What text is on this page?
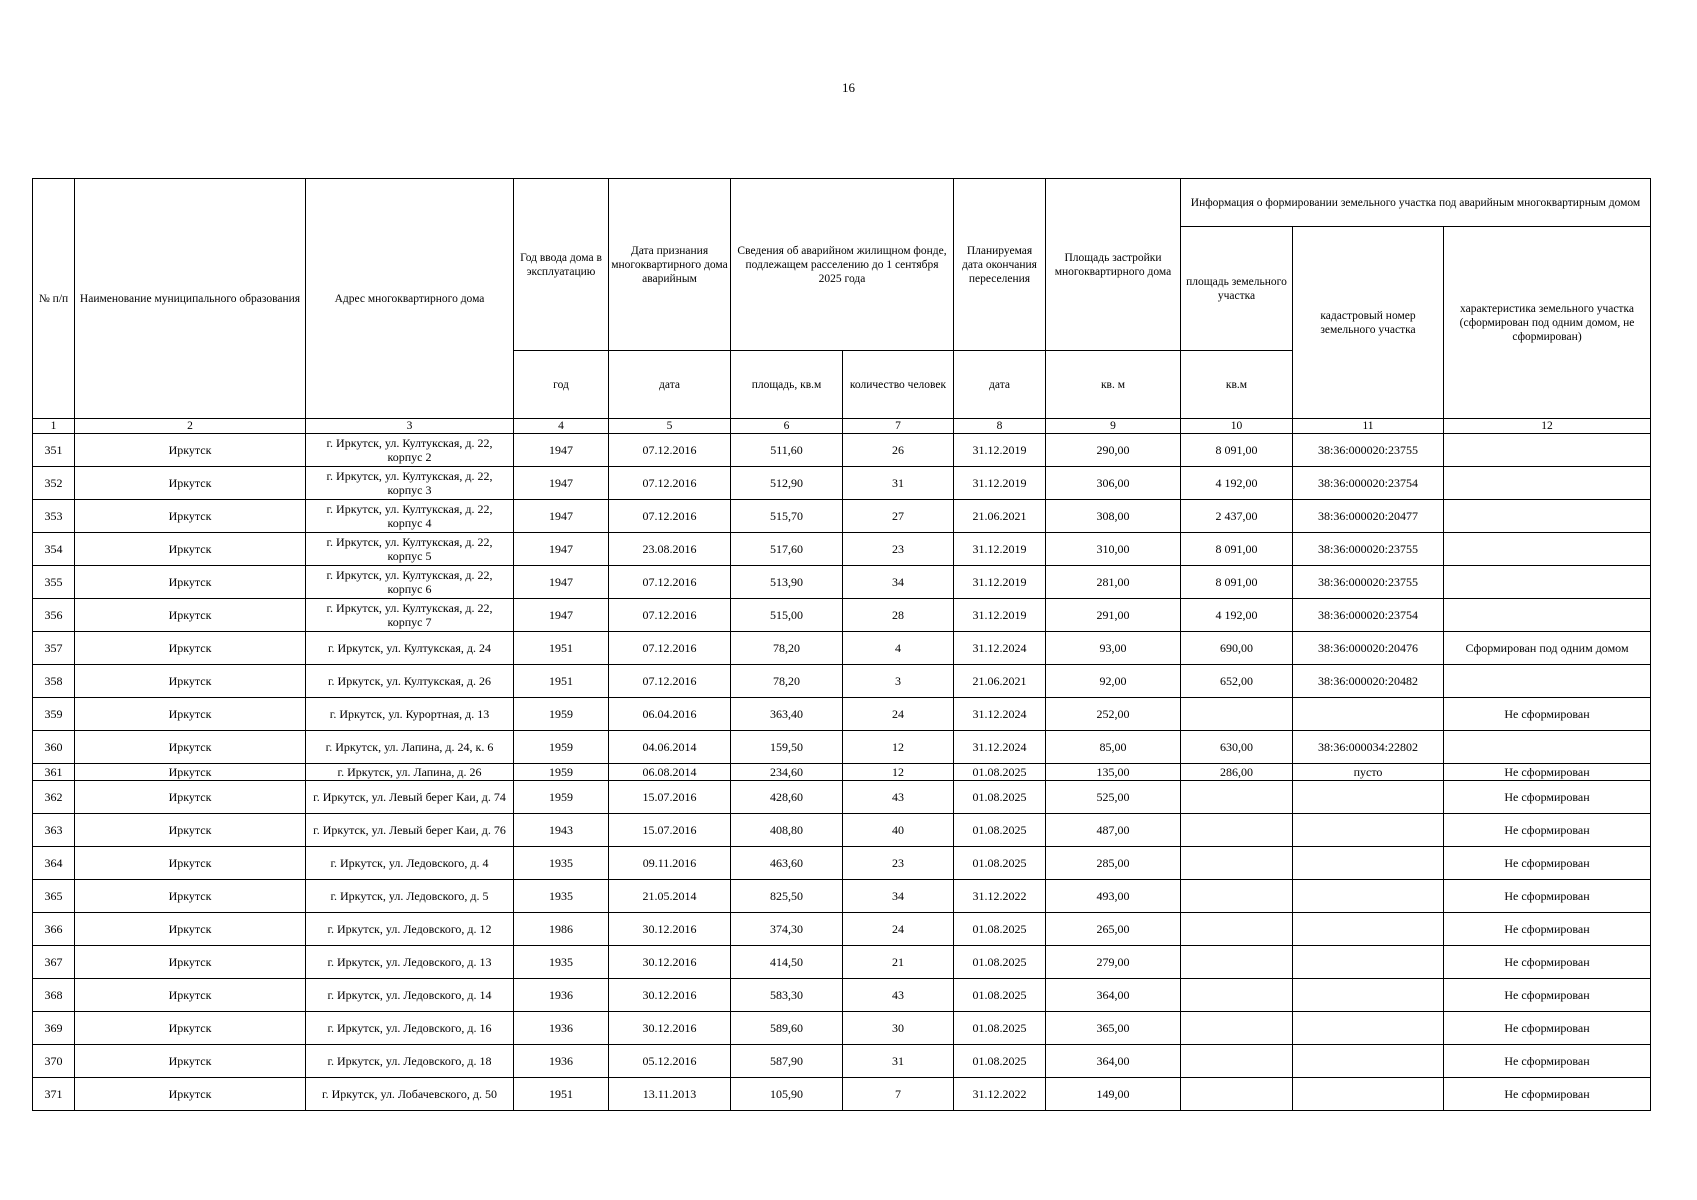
16
№ п/п	Наименование муниципального образования	Адрес многоквартирного дома	Год ввода дома в эксплуатацию	Дата признания многоквартирного дома аварийным	Сведения об аварийном жилищном фонде, подлежащем расселению до 1 сентября 2025 года		Планируемая дата окончания переселения	Площадь застройки многоквартирного дома	Информация о формировании земельного участка под аварийным многоквартирным домом		
									площадь земельного участка	кадастровый номер земельного участка	характеристика земельного участка (сформирован под одним домом, не сформирован)
			год	дата	площадь, кв.м	количество человек	дата	кв. м	кв.м		
1	2	3	4	5	6	7	8	9	10	11	12
351	Иркутск	г. Иркутск, ул. Култукская, д. 22, корпус 2	1947	07.12.2016	511,60	26	31.12.2019	290,00	8 091,00	38:36:000020:23755	
352	Иркутск	г. Иркутск, ул. Култукская, д. 22, корпус 3	1947	07.12.2016	512,90	31	31.12.2019	306,00	4 192,00	38:36:000020:23754	
353	Иркутск	г. Иркутск, ул. Култукская, д. 22, корпус 4	1947	07.12.2016	515,70	27	21.06.2021	308,00	2 437,00	38:36:000020:20477	
354	Иркутск	г. Иркутск, ул. Култукская, д. 22, корпус 5	1947	23.08.2016	517,60	23	31.12.2019	310,00	8 091,00	38:36:000020:23755	
355	Иркутск	г. Иркутск, ул. Култукская, д. 22, корпус 6	1947	07.12.2016	513,90	34	31.12.2019	281,00	8 091,00	38:36:000020:23755	
356	Иркутск	г. Иркутск, ул. Култукская, д. 22, корпус 7	1947	07.12.2016	515,00	28	31.12.2019	291,00	4 192,00	38:36:000020:23754	
357	Иркутск	г. Иркутск, ул. Култукская, д. 24	1951	07.12.2016	78,20	4	31.12.2024	93,00	690,00	38:36:000020:20476	Сформирован под одним домом
358	Иркутск	г. Иркутск, ул. Култукская, д. 26	1951	07.12.2016	78,20	3	21.06.2021	92,00	652,00	38:36:000020:20482	
359	Иркутск	г. Иркутск, ул. Курортная, д. 13	1959	06.04.2016	363,40	24	31.12.2024	252,00			Не сформирован
360	Иркутск	г. Иркутск, ул. Лапина, д. 24, к. 6	1959	04.06.2014	159,50	12	31.12.2024	85,00	630,00	38:36:000034:22802	
361	Иркутск	г. Иркутск, ул. Лапина, д. 26	1959	06.08.2014	234,60	12	01.08.2025	135,00	286,00	пусто	Не сформирован
362	Иркутск	г. Иркутск, ул. Левый берег Каи, д. 74	1959	15.07.2016	428,60	43	01.08.2025	525,00			Не сформирован
363	Иркутск	г. Иркутск, ул. Левый берег Каи, д. 76	1943	15.07.2016	408,80	40	01.08.2025	487,00			Не сформирован
364	Иркутск	г. Иркутск, ул. Ледовского, д. 4	1935	09.11.2016	463,60	23	01.08.2025	285,00			Не сформирован
365	Иркутск	г. Иркутск, ул. Ледовского, д. 5	1935	21.05.2014	825,50	34	31.12.2022	493,00			Не сформирован
366	Иркутск	г. Иркутск, ул. Ледовского, д. 12	1986	30.12.2016	374,30	24	01.08.2025	265,00			Не сформирован
367	Иркутск	г. Иркутск, ул. Ледовского, д. 13	1935	30.12.2016	414,50	21	01.08.2025	279,00			Не сформирован
368	Иркутск	г. Иркутск, ул. Ледовского, д. 14	1936	30.12.2016	583,30	43	01.08.2025	364,00			Не сформирован
369	Иркутск	г. Иркутск, ул. Ледовского, д. 16	1936	30.12.2016	589,60	30	01.08.2025	365,00			Не сформирован
370	Иркутск	г. Иркутск, ул. Ледовского, д. 18	1936	05.12.2016	587,90	31	01.08.2025	364,00			Не сформирован
371	Иркутск	г. Иркутск, ул. Лобачевского, д. 50	1951	13.11.2013	105,90	7	31.12.2022	149,00			Не сформирован
